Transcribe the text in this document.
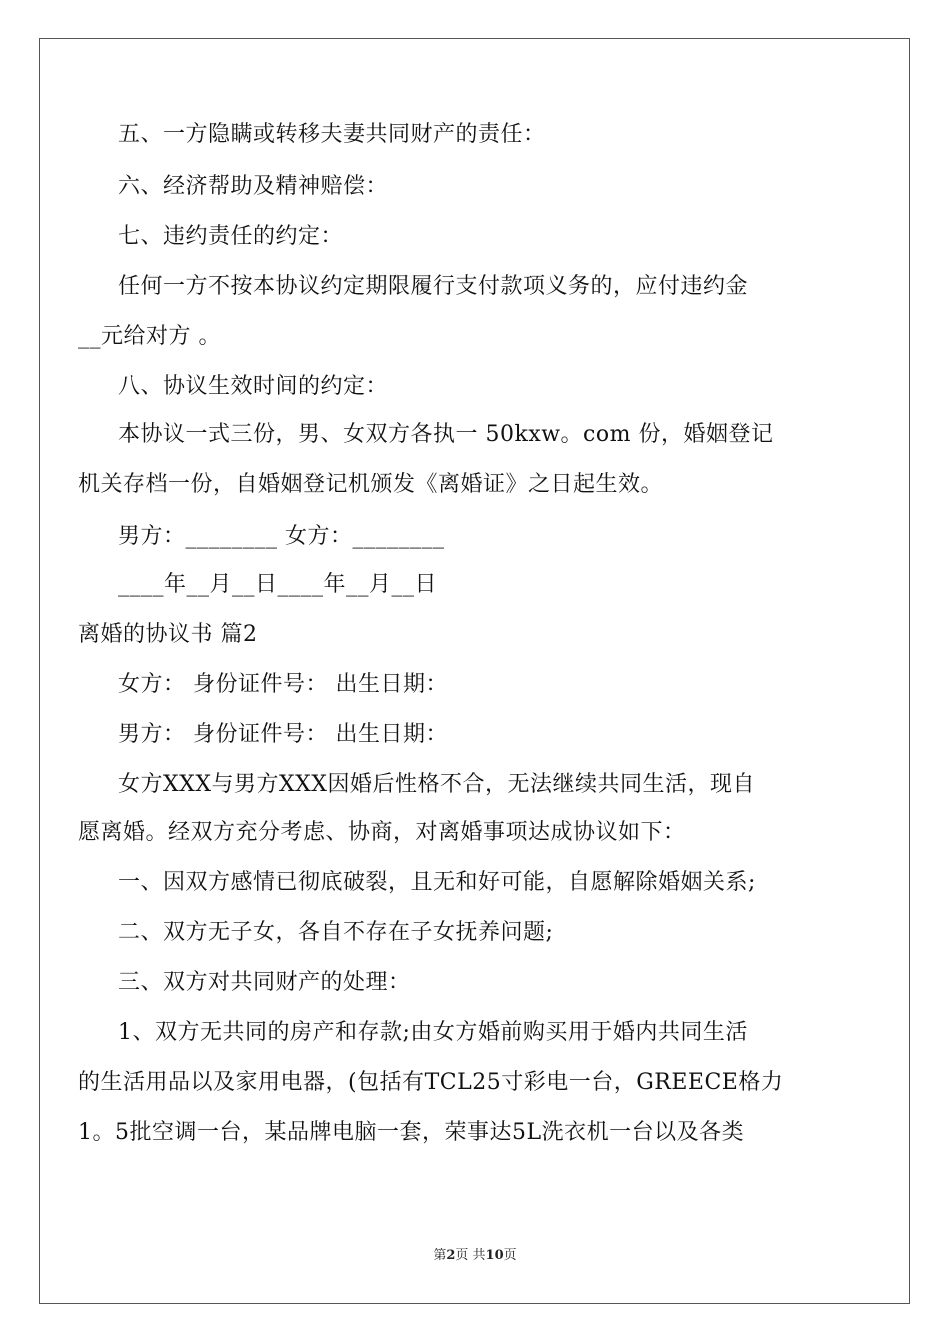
五、一方隐瞒或转移夫妻共同财产的责任：
六、经济帮助及精神赔偿：
七、违约责任的约定：
任何一方不按本协议约定期限履行支付款项义务的，应付违约金
__元给对方 。
八、协议生效时间的约定：
本协议一式三份，男、女双方各执一 50kxw。com 份，婚姻登记
机关存档一份，自婚姻登记机颁发《离婚证》之日起生效。
男方：________ 女方：________
____年__月__日____年__月__日
离婚的协议书 篇2
女方： 身份证件号： 出生日期：
男方： 身份证件号： 出生日期：
女方XXX与男方XXX因婚后性格不合，无法继续共同生活，现自
愿离婚。经双方充分考虑、协商，对离婚事项达成协议如下：
一、因双方感情已彻底破裂，且无和好可能，自愿解除婚姻关系;
二、双方无子女，各自不存在子女抚养问题;
三、双方对共同财产的处理：
1、双方无共同的房产和存款;由女方婚前购买用于婚内共同生活
的生活用品以及家用电器，(包括有TCL25寸彩电一台，GREECE格力
1。5批空调一台，某品牌电脑一套，荣事达5L洗衣机一台以及各类
第2页 共10页
